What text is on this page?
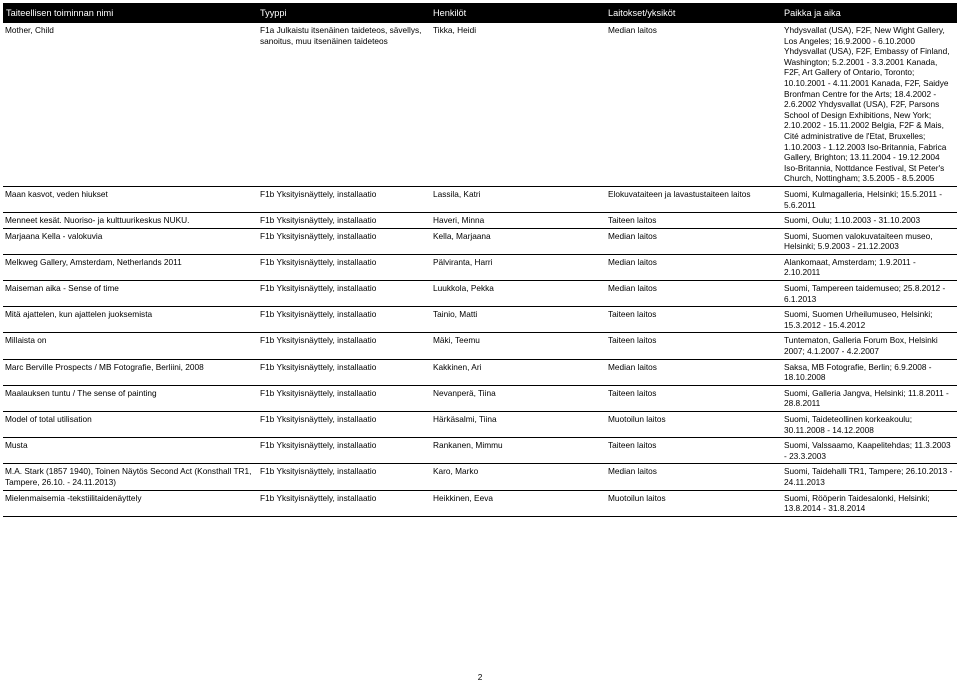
Taiteellisen toiminnan nimi	Tyyppi	Henkilöt	Laitokset/yksiköt	Paikka ja aika
Mother, Child	F1a Julkaistu itsenäinen taideteos, sävellys, sanoitus, muu itsenäinen taideteos	Tikka, Heidi	Median laitos	Yhdysvallat (USA), F2F, New Wight Gallery, Los Angeles; 16.9.2000 - 6.10.2000 Yhdysvallat (USA), F2F, Embassy of Finland, Washington; 5.2.2001 - 3.3.2001 Kanada, F2F, Art Gallery of Ontario, Toronto; 10.10.2001 - 4.11.2001 Kanada, F2F, Saidye Bronfman Centre for the Arts; 18.4.2002 - 2.6.2002 Yhdysvallat (USA), F2F, Parsons School of Design Exhibitions, New York; 2.10.2002 - 15.11.2002 Belgia, F2F & Mais, Cité administrative de l'Etat, Bruxelles; 1.10.2003 - 1.12.2003 Iso-Britannia, Fabrica Gallery, Brighton; 13.11.2004 - 19.12.2004 Iso-Britannia, Nottdance Festival, St Peter's Church, Nottingham; 3.5.2005 - 8.5.2005
Maan kasvot, veden hiukset	F1b Yksityisnäyttely, installaatio	Lassila, Katri	Elokuvataiteen ja lavastustaiteen laitos	Suomi, Kulmagalleria, Helsinki; 15.5.2011 - 5.6.2011
Menneet kesät. Nuoriso- ja kulttuurikeskus NUKU.	F1b Yksityisnäyttely, installaatio	Haveri, Minna	Taiteen laitos	Suomi, Oulu; 1.10.2003 - 31.10.2003
Marjaana Kella - valokuvia	F1b Yksityisnäyttely, installaatio	Kella, Marjaana	Median laitos	Suomi, Suomen valokuvataiteen museo, Helsinki; 5.9.2003 - 21.12.2003
Melkweg Gallery, Amsterdam, Netherlands 2011	F1b Yksityisnäyttely, installaatio	Pälviranta, Harri	Median laitos	Alankomaat, Amsterdam; 1.9.2011 - 2.10.2011
Maiseman aika - Sense of time	F1b Yksityisnäyttely, installaatio	Luukkola, Pekka	Median laitos	Suomi, Tampereen taidemuseo; 25.8.2012 - 6.1.2013
Mitä ajattelen, kun ajattelen juoksemista	F1b Yksityisnäyttely, installaatio	Tainio, Matti	Taiteen laitos	Suomi, Suomen Urheilumuseo, Helsinki; 15.3.2012 - 15.4.2012
Millaista on	F1b Yksityisnäyttely, installaatio	Mäki, Teemu	Taiteen laitos	Tuntematon, Galleria Forum Box, Helsinki 2007; 4.1.2007 - 4.2.2007
Marc Berville Prospects / MB Fotografie, Berliini, 2008	F1b Yksityisnäyttely, installaatio	Kakkinen, Ari	Median laitos	Saksa, MB Fotografie, Berlin; 6.9.2008 - 18.10.2008
Maalauksen tuntu / The sense of painting	F1b Yksityisnäyttely, installaatio	Nevanperä, Tiina	Taiteen laitos	Suomi, Galleria Jangva, Helsinki; 11.8.2011 - 28.8.2011
Model of total utilisation	F1b Yksityisnäyttely, installaatio	Härkäsalmi, Tiina	Muotoilun laitos	Suomi, Taideteollinen korkeakoulu; 30.11.2008 - 14.12.2008
Musta	F1b Yksityisnäyttely, installaatio	Rankanen, Mimmu	Taiteen laitos	Suomi, Valssaamo, Kaapelitehdas; 11.3.2003 - 23.3.2003
M.A. Stark (1857 1940), Toinen Näytös Second Act (Konsthall TR1, Tampere, 26.10. - 24.11.2013)	F1b Yksityisnäyttely, installaatio	Karo, Marko	Median laitos	Suomi, Taidehalli TR1, Tampere; 26.10.2013 - 24.11.2013
Mielenmaisemia -tekstiilitaidenäyttely	F1b Yksityisnäyttely, installaatio	Heikkinen, Eeva	Muotoilun laitos	Suomi, Rööperin Taidesalonki, Helsinki; 13.8.2014 - 31.8.2014
2
